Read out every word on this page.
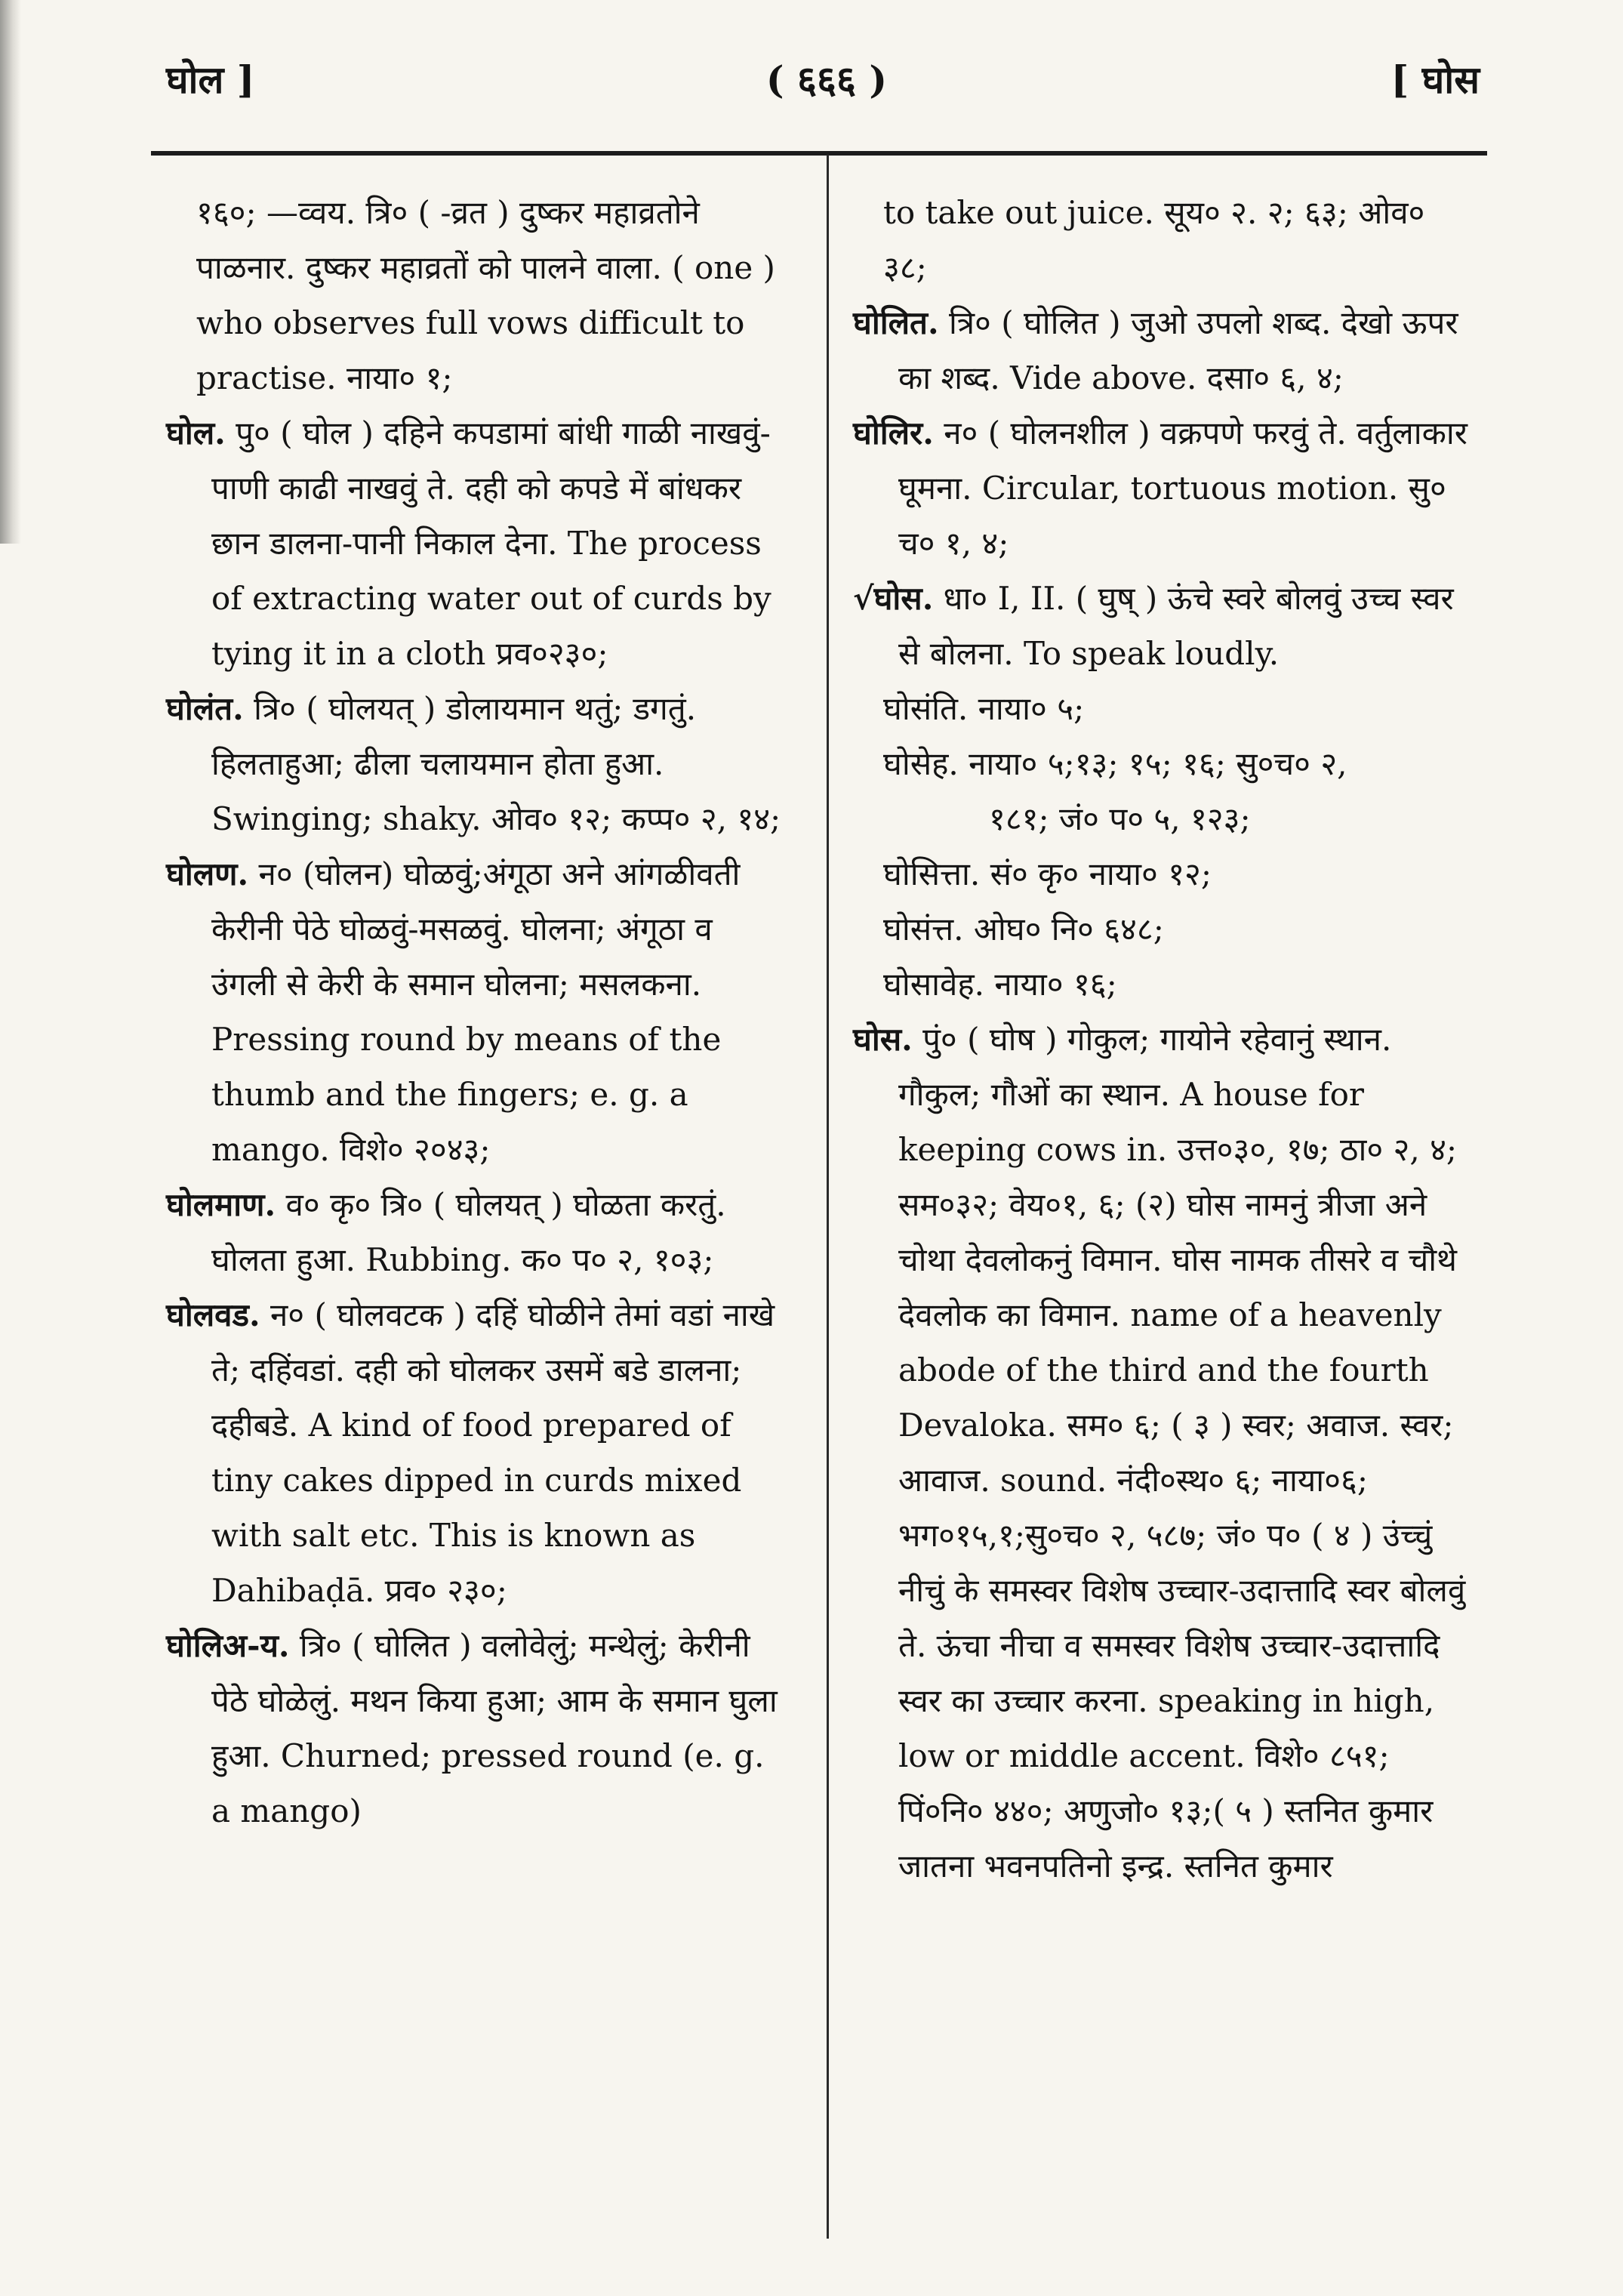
घोल ]	( ६६६ )	[ घोस

१६०; —व्वय. त्रि० ( -व्रत ) दुष्कर महाव्रतोने पाळनार. दुष्कर महाव्रतों को पालने वाला. ( one ) who observes full vows difficult to practise. नाया० १;

घोल. पु० ( घोल ) दहिने कपडामां बांधी गाळी नाखवुं-पाणी काढी नाखवुं ते. दही को कपडे में बांधकर छान डालना-पानी निकाल देना. The process of extracting water out of curds by tying it in a cloth प्रव०२३०;

घोलंत. त्रि० ( घोलयत् ) डोलायमान थतुं; डगतुं. हिलताहुआ; ढीला चलायमान होता हुआ. Swinging; shaky. ओव० १२; कप्प० २, १४;

घोलण. न० (घोलन) घोळवुं;अंगूठा अने आंगळीवती केरीनी पेठे घोळवुं-मसळवुं. घोलना; अंगूठा व उंगली से केरी के समान घोलना; मसलकना. Pressing round by means of the thumb and the fingers; e. g. a mango. विशे० २०४३;

घोलमाण. व० कृ० त्रि० ( घोलयत् ) घोळता करतुं. घोलता हुआ. Rubbing. क० प० २, १०३;

घोलवड. न० ( घोलवटक ) दहिं घोळीने तेमां वडां नाखे ते; दहिंवडां. दही को घोलकर उसमें बडे डालना; दहीबडे. A kind of food prepared of tiny cakes dipped in curds mixed with salt etc. This is known as Dahibaḍā. प्रव० २३०;

घोलिअ-य. त्रि० ( घोलित ) वलोवेलुं; मन्थेलुं; केरीनी पेठे घोळेलुं. मथन किया हुआ; आम के समान घुला हुआ. Churned; pressed round (e. g. a mango)

to take out juice. सूय० २. २; ६३; ओव० ३८;

घोलित. त्रि० ( घोलित ) जुओ उपलो शब्द. देखो ऊपर का शब्द. Vide above. दसा० ६, ४;

घोलिर. न० ( घोलनशील ) वक्रपणे फरवुं ते. वर्तुलाकार घूमना. Circular, tortuous motion. सु० च० १, ४;

√घोस. धा० I, II. ( घुष् ) ऊंचे स्वरे बोलवुं उच्च स्वर से बोलना. To speak loudly.

घोसंति. नाया० ५;

घोसेह. नाया० ५;१३; १५; १६; सु०च० २,

१८१; जं० प० ५, १२३;

घोसित्ता. सं० कृ० नाया० १२;

घोसंत्त. ओघ० नि० ६४८;

घोसावेह. नाया० १६;

घोस. पुं० ( घोष ) गोकुल; गायोने रहेवानुं स्थान. गौकुल; गौओं का स्थान. A house for keeping cows in. उत्त०३०, १७; ठा० २, ४; सम०३२; वेय०१, ६; (२) घोस नामनुं त्रीजा अने चोथा देवलोकनुं विमान. घोस नामक तीसरे व चौथे देवलोक का विमान. name of a heavenly abode of the third and the fourth Devaloka. सम० ६; ( ३ ) स्वर; अवाज. स्वर; आवाज. sound. नंदी०स्थ० ६; नाया०६; भग०१५,१;सु०च० २, ५८७; जं० प० ( ४ ) उंच्चुं नीचुं के समस्वर विशेष उच्चार-उदात्तादि स्वर बोलवुं ते. ऊंचा नीचा व समस्वर विशेष उच्चार-उदात्तादि स्वर का उच्चार करना. speaking in high, low or middle accent. विशे० ८५१; पिं०नि० ४४०; अणुजो० १३;( ५ ) स्तनित कुमार जातना भवनपतिनो इन्द्र. स्तनित कुमार
